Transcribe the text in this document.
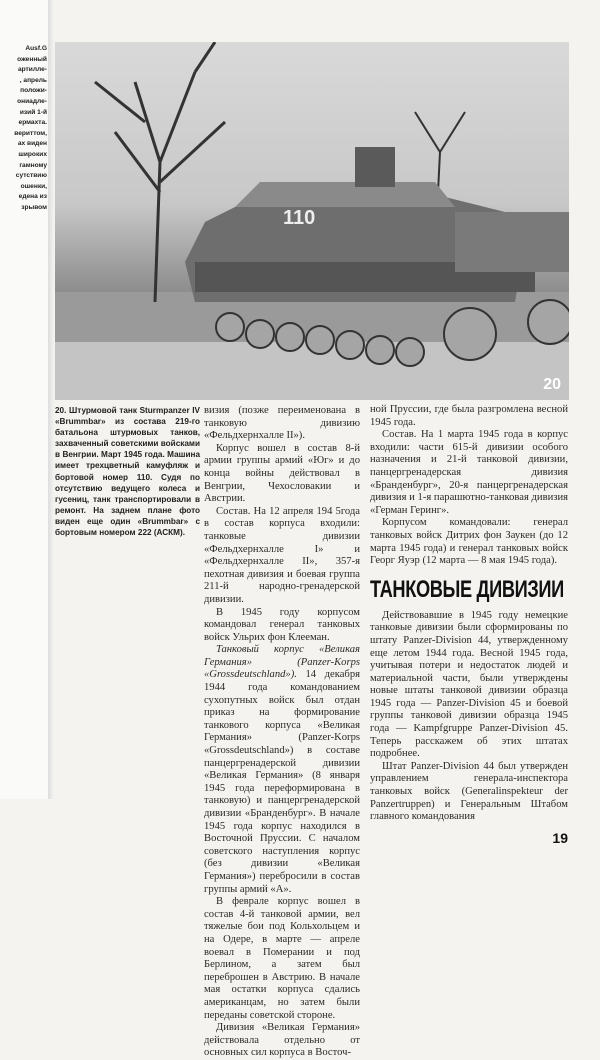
Ausf.G
оженный
артилле-
, апрель
положи-
ониадле-
изий 1-й
ермахта.
вериттом,
ах виден
широких
гамному
сутствию
ошенки,
едена из
зрывом	110
20
20. Штурмовой танк Sturmpanzer IV «Brummbar» из состава 219-го батальона штурмовых танков, захваченный советскими войсками в Венгрии. Март 1945 года. Машина имеет трехцветный камуфляж и бортовой номер 110. Судя по отсутствию ведущего колеса и гусениц, танк транспортировали в ремонт. На заднем плане фото виден еще один «Brummbar» с бортовым номером 222 (АСКМ).

визия (позже переименована в танковую дивизию «Фельдхернхалле II»).

Корпус вошел в состав 8-й армии группы армий «Юг» и до конца войны действовал в Венгрии, Чехословакии и Австрии.

Состав. На 12 апреля 194 5года в состав корпуса входили: танковые дивизии «Фельдхернхалле I» и «Фельдхернхалле II», 357-я пехотная дивизия и боевая группа 211-й народно-гренадерской дивизии.

В 1945 году корпусом командовал генерал танковых войск Ульрих фон Клееман.

Танковый корпус «Великая Германия» (Panzer-Korps «Grossdeutschland»). 14 декабря 1944 года командованием сухопутных войск был отдан приказ на формирование танкового корпуса «Великая Германия» (Panzer-Korps «Grossdeutschland») в составе панцергренадерской дивизии «Великая Германия» (8 января 1945 года переформирована в танковую) и панцергренадерской дивизии «Бранденбург». В начале 1945 года корпус находился в Восточной Пруссии. С началом советского наступления корпус (без дивизии «Великая Германия») перебросили в состав группы армий «А».

В феврале корпус вошел в состав 4-й танковой армии, вел тяжелые бои под Кольхольцем и на Одере, в марте — апреле воевал в Померании и под Берлином, а затем был переброшен в Австрию. В начале мая остатки корпуса сдались американцам, но затем были переданы советской стороне.

Дивизия «Великая Германия» действовала отдельно от основных сил корпуса в Восточ-

ной Пруссии, где была разгромлена весной 1945 года.

Состав. На 1 марта 1945 года в корпус входили: части 615-й дивизии особого назначения и 21-й танковой дивизии, панцергренадерская дивизия «Бранденбург», 20-я панцергренадерская дивизия и 1-я парашютно-танковая дивизия «Герман Геринг».

Корпусом командовали: генерал танковых войск Дитрих фон Заукен (до 12 марта 1945 года) и генерал танковых войск Георг Яуэр (12 марта — 8 мая 1945 года).

ТАНКОВЫЕ ДИВИЗИИ

Действовавшие в 1945 году немецкие танковые дивизии были сформированы по штату Panzer-Division 44, утвержденному еще летом 1944 года. Весной 1945 года, учитывая потери и недостаток людей и материальной части, были утверждены новые штаты танковой дивизии образца 1945 года — Panzer-Division 45 и боевой группы танковой дивизии образца 1945 года — Kampfgruppe Panzer-Division 45. Теперь расскажем об этих штатах подробнее.

Штат Panzer-Division 44 был утвержден управлением генерала-инспектора танковых войск (Generalinspekteur der Panzertruppen) и Генеральным Штабом главного командования

19
